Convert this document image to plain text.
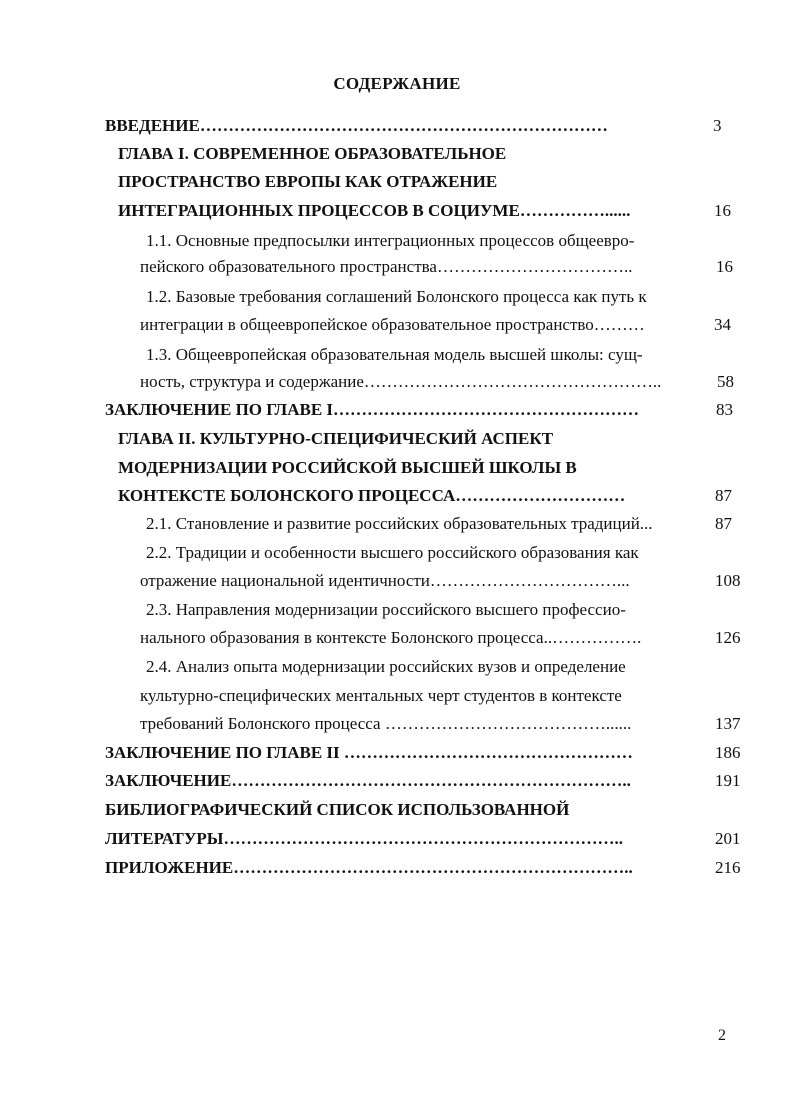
СОДЕРЖАНИЕ
ВВЕДЕНИЕ………………………………………………………………	3
ГЛАВА I. СОВРЕМЕННОЕ ОБРАЗОВАТЕЛЬНОЕ
ПРОСТРАНСТВО ЕВРОПЫ КАК ОТРАЖЕНИЕ
ИНТЕГРАЦИОННЫХ ПРОЦЕССОВ В СОЦИУМЕ……………......	16
1.1. Основные предпосылки интеграционных процессов общеевро-
пейского образовательного пространства……………………………..	16
1.2. Базовые требования соглашений Болонского процесса как путь к
интеграции в общеевропейское образовательное пространство………	34
1.3. Общеевропейская образовательная модель высшей школы: сущ-
ность, структура и содержание……………………………………………..	58
ЗАКЛЮЧЕНИЕ ПО ГЛАВЕ I………………………………………………	83
ГЛАВА II. КУЛЬТУРНО-СПЕЦИФИЧЕСКИЙ АСПЕКТ
МОДЕРНИЗАЦИИ РОССИЙСКОЙ ВЫСШЕЙ ШКОЛЫ В
КОНТЕКСТЕ БОЛОНСКОГО ПРОЦЕССА…………………………	87
2.1. Становление и развитие российских образовательных традиций...	87
2.2. Традиции и особенности высшего российского образования как
отражение национальной идентичности……………………………...	108
2.3. Направления модернизации российского высшего профессио-
нального образования в контексте Болонского процесса..…………….	126
2.4. Анализ опыта модернизации российских вузов и определение
культурно-специфических ментальных черт студентов в контексте
требований Болонского процесса …………………………………......	137
ЗАКЛЮЧЕНИЕ ПО ГЛАВЕ II ……………………………………………	186
ЗАКЛЮЧЕНИЕ……………………………………………………………..	191
БИБЛИОГРАФИЧЕСКИЙ СПИСОК ИСПОЛЬЗОВАННОЙ
ЛИТЕРАТУРЫ……………………………………………………………..	201
ПРИЛОЖЕНИЕ……………………………………………………………..	216
2
